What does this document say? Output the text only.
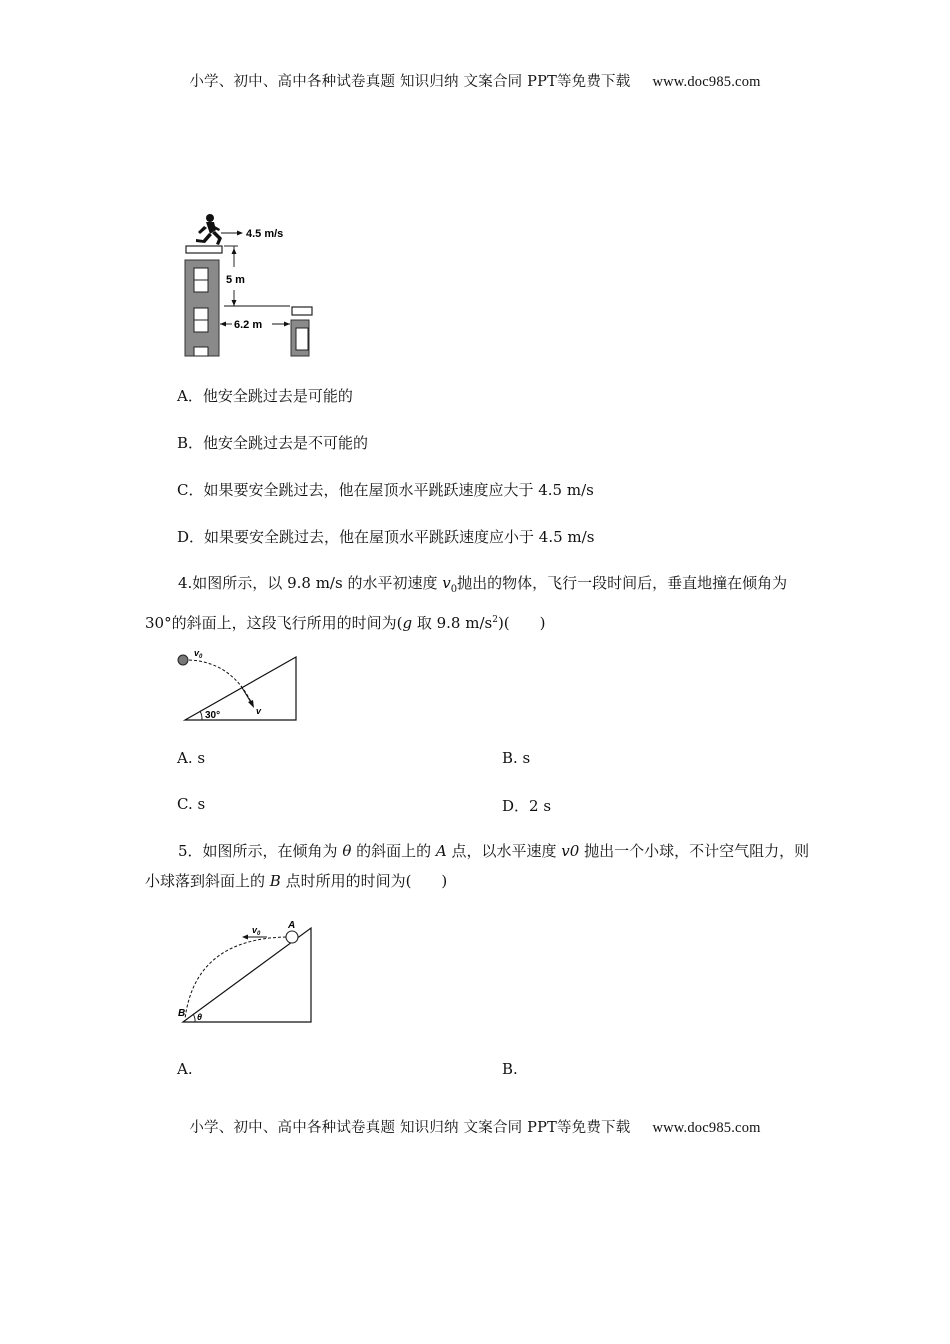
小学、初中、高中各种试卷真题 知识归纳 文案合同 PPT等免费下载 www.doc985.com
4.5 m/s
5 m
6.2 m
A．他安全跳过去是可能的
B．他安全跳过去是不可能的
C．如果要安全跳过去，他在屋顶水平跳跃速度应大于 4.5 m/s
D．如果要安全跳过去，他在屋顶水平跳跃速度应小于 4.5 m/s

4.如图所示，以 9.8 m/s 的水平初速度 $v_0$抛出的物体，飞行一段时间后，垂直地撞在倾角为 30°的斜面上，这段飞行所用的时间为(g 取 9.8 $m/s^2$)(　　)

$v_0$
v
30°
A. s	B. s
C. s	D．2 s

5．如图所示，在倾角为 θ 的斜面上的 A 点，以水平速度 v0 抛出一个小球，不计空气阻力，则小球落到斜面上的 B 点时所用的时间为(　　)

$v_0$
A
B θ
A.	B.
小学、初中、高中各种试卷真题 知识归纳 文案合同 PPT等免费下载 www.doc985.com
